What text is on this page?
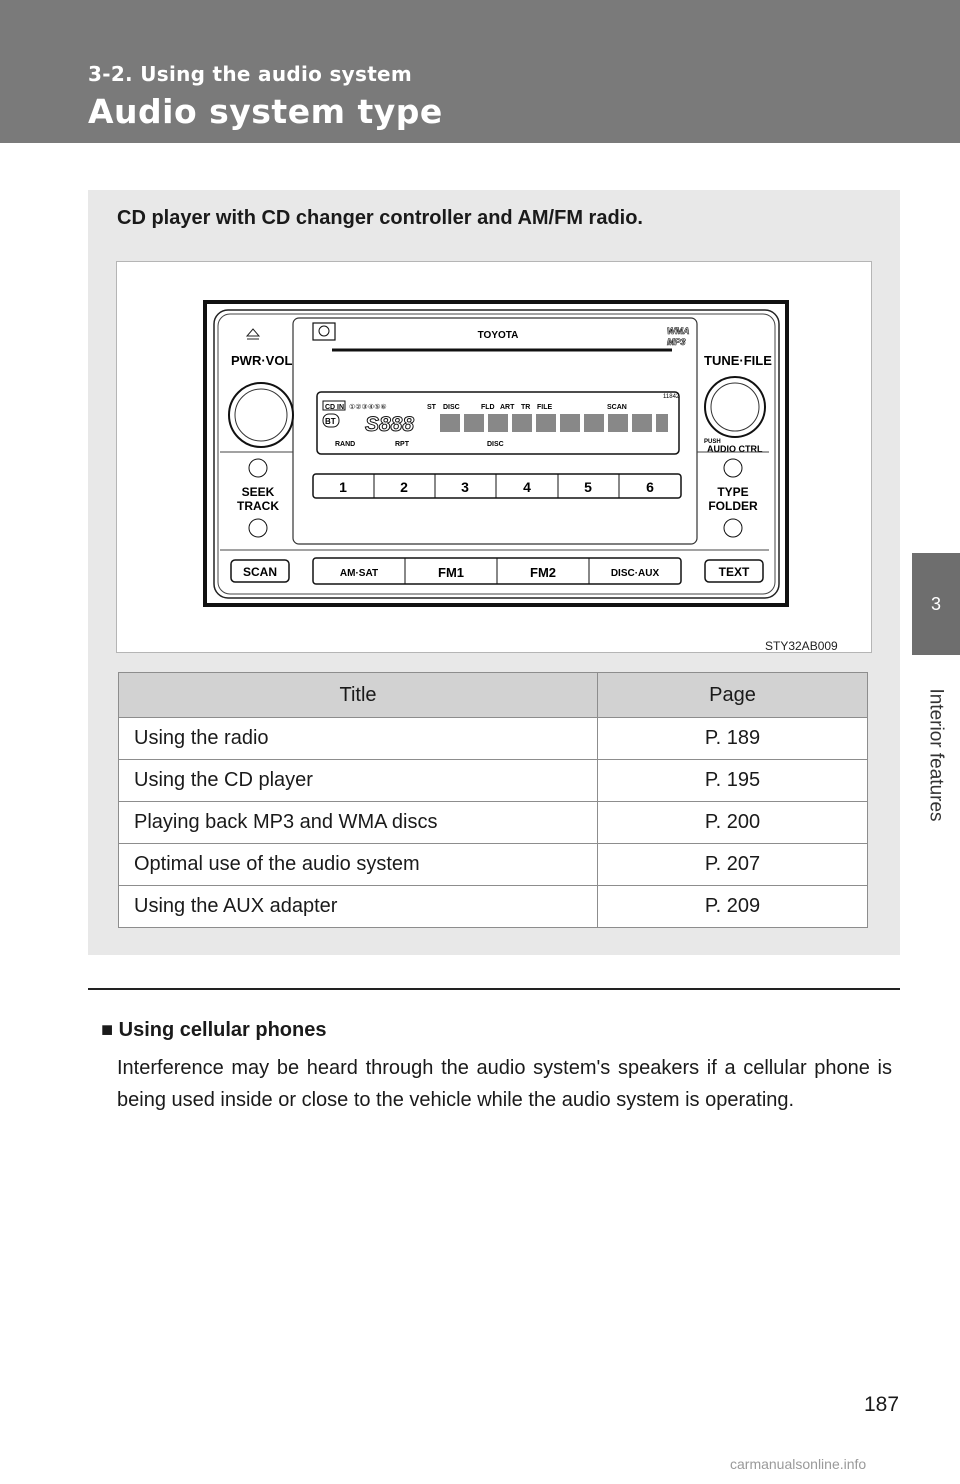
3-2. Using the audio system
Audio system type
3
Interior features
CD player with CD changer controller and AM/FM radio.
TOYOTA	WMA
MP3
PWR·VOL	TUNE·FILE
PUSH
AUDIO CTRL
11842
CD IN ①②③④⑤⑥	ST DISC	FLD ART TR FILE	SCAN
BT S888
RAND	RPT	DISC
1	2	3	4	5	6
SEEK
TRACK
TYPE
FOLDER
SCAN	AM·SAT	FM1	FM2	DISC·AUX	TEXT
STY32AB009
Title	Page
Using the radio	P. 189
Using the CD player	P. 195
Playing back MP3 and WMA discs	P. 200
Optimal use of the audio system	P. 207
Using the AUX adapter	P. 209
■ Using cellular phones
Interference may be heard through the audio system's speakers if a cellular phone is being used inside or close to the vehicle while the audio system is operating.
187
carmanualsonline.info
